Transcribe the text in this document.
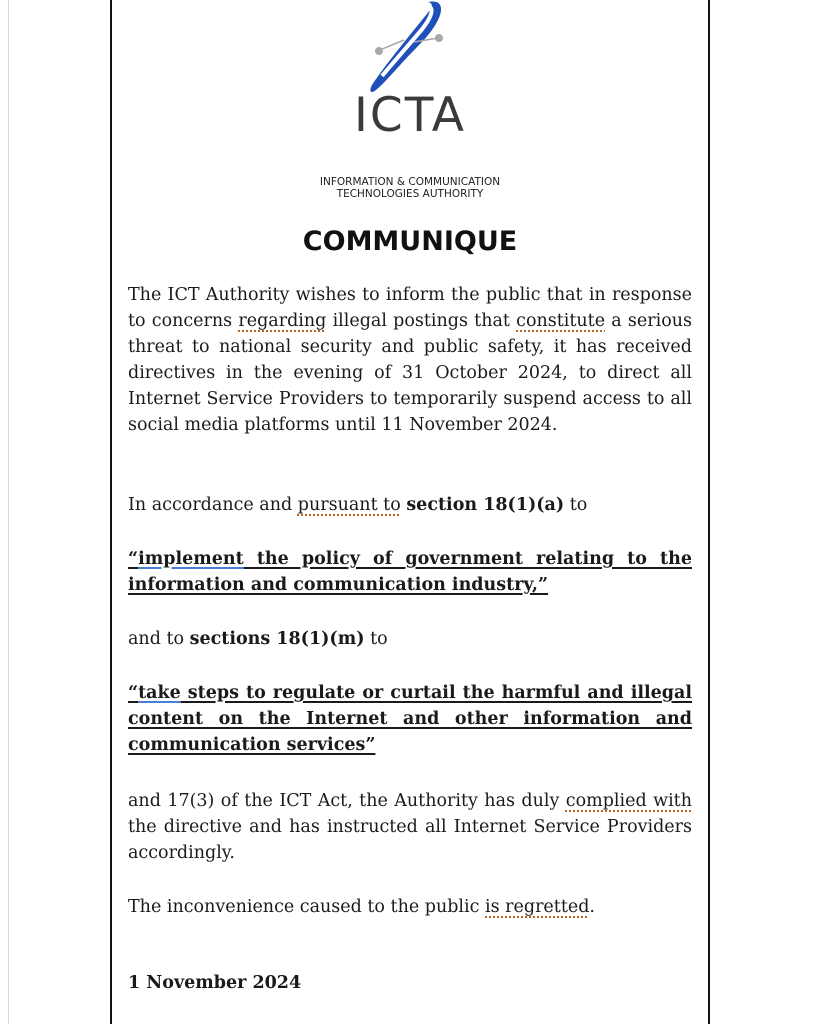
ICTA
INFORMATION & COMMUNICATION
TECHNOLOGIES AUTHORITY
COMMUNIQUE
The ICT Authority wishes to inform the public that in response to concerns regarding illegal postings that constitute a serious threat to national security and public safety, it has received directives in the evening of 31 October 2024, to direct all Internet Service Providers to temporarily suspend access to all social media platforms until 11 November 2024.
In accordance and pursuant to section 18(1)(a) to
“implement the policy of government relating to the information and communication industry,”
and to sections 18(1)(m) to
“take steps to regulate or curtail the harmful and illegal content on the Internet and other information and communication services”
and 17(3) of the ICT Act, the Authority has duly complied with the directive and has instructed all Internet Service Providers accordingly.
The inconvenience caused to the public is regretted.
1 November 2024
